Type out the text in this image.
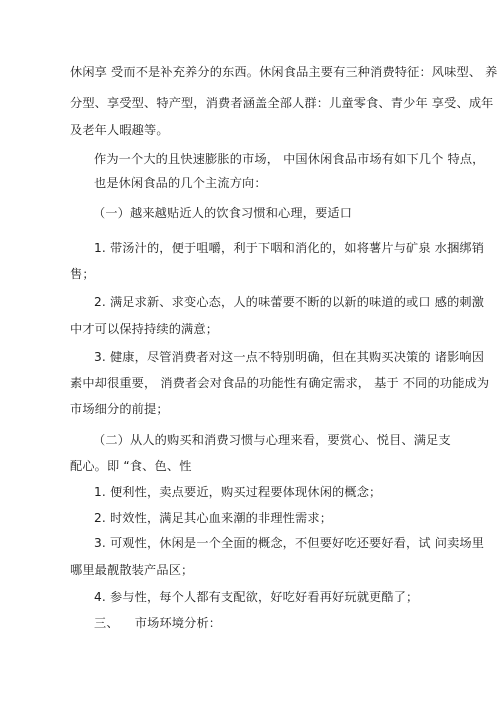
休闲享 受而不是补充养分的东西。休闲食品主要有三种消费特征：风味型、 养
分型、享受型、特产型，消费者涵盖全部人群：儿童零食、青少年 享受、成年
及老年人暇趣等。
作为一个大的且快速膨胀的市场， 中国休闲食品市场有如下几个 特点，
也是休闲食品的几个主流方向：
（一）越来越贴近人的饮食习惯和心理，要适口
1. 带汤汁的，便于咀嚼，利于下咽和消化的，如将薯片与矿泉 水捆绑销
售；
2. 满足求新、求变心态，人的味蕾要不断的以新的味道的或口 感的刺激
中才可以保持持续的满意；
3. 健康，尽管消费者对这一点不特别明确，但在其购买决策的 诸影响因
素中却很重要， 消费者会对食品的功能性有确定需求， 基于 不同的功能成为
市场细分的前提；
（二）从人的购买和消费习惯与心理来看，要赏心、悦目、满足支
配心。即 “食、色、性
1. 便利性，卖点要近，购买过程要体现休闲的概念；
2. 时效性，满足其心血来潮的非理性需求；
3. 可观性，休闲是一个全面的概念，不但要好吃还要好看，试 问卖场里
哪里最靓散装产品区；
4. 参与性，每个人都有支配欲，好吃好看再好玩就更酷了；
三、    市场环境分析：
